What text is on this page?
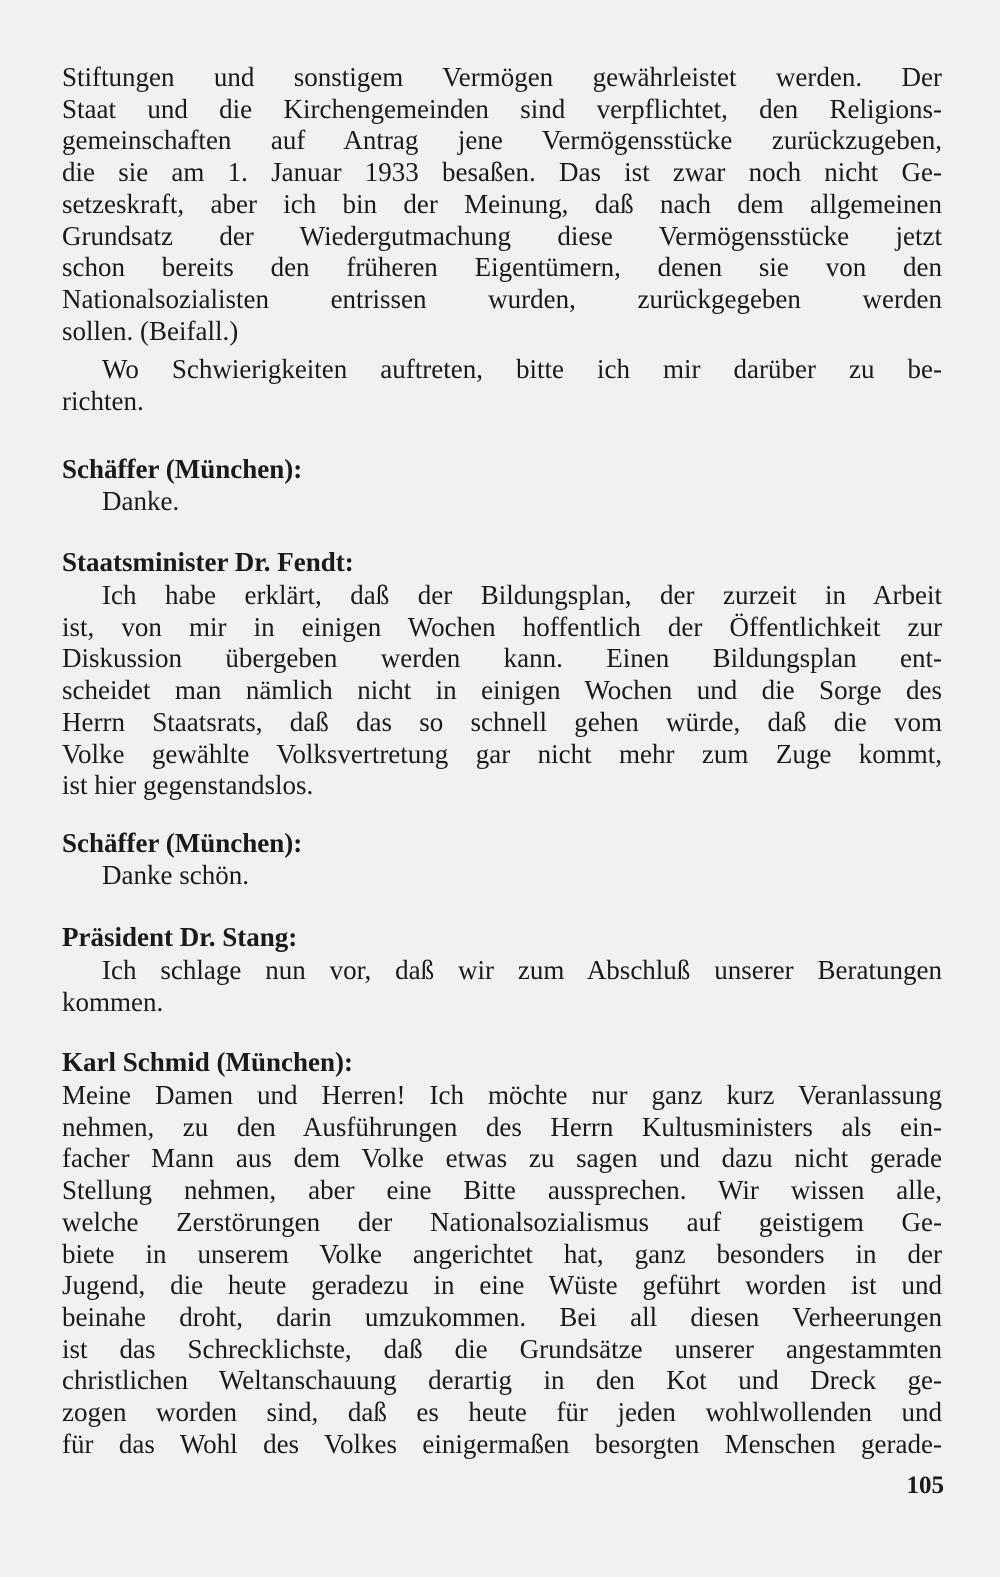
Stiftungen und sonstigem Vermögen gewährleistet werden. Der
Staat und die Kirchengemeinden sind verpflichtet, den Religions-
gemeinschaften auf Antrag jene Vermögensstücke zurückzugeben,
die sie am 1. Januar 1933 besaßen. Das ist zwar noch nicht Ge-
setzeskraft, aber ich bin der Meinung, daß nach dem allgemeinen
Grundsatz der Wiedergutmachung diese Vermögensstücke jetzt
schon bereits den früheren Eigentümern, denen sie von den
Nationalsozialisten entrissen wurden, zurückgegeben werden
sollen. (Beifall.)

Wo Schwierigkeiten auftreten, bitte ich mir darüber zu be-
richten.

Schäffer (München):

Danke.

Staatsminister Dr. Fendt:

Ich habe erklärt, daß der Bildungsplan, der zurzeit in Arbeit
ist, von mir in einigen Wochen hoffentlich der Öffentlichkeit zur
Diskussion übergeben werden kann. Einen Bildungsplan ent-
scheidet man nämlich nicht in einigen Wochen und die Sorge des
Herrn Staatsrats, daß das so schnell gehen würde, daß die vom
Volke gewählte Volksvertretung gar nicht mehr zum Zuge kommt,
ist hier gegenstandslos.

Schäffer (München):

Danke schön.

Präsident Dr. Stang:

Ich schlage nun vor, daß wir zum Abschluß unserer Beratungen
kommen.

Karl Schmid (München):

Meine Damen und Herren! Ich möchte nur ganz kurz Veranlassung
nehmen, zu den Ausführungen des Herrn Kultusministers als ein-
facher Mann aus dem Volke etwas zu sagen und dazu nicht gerade
Stellung nehmen, aber eine Bitte aussprechen. Wir wissen alle,
welche Zerstörungen der Nationalsozialismus auf geistigem Ge-
biete in unserem Volke angerichtet hat, ganz besonders in der
Jugend, die heute geradezu in eine Wüste geführt worden ist und
beinahe droht, darin umzukommen. Bei all diesen Verheerungen
ist das Schrecklichste, daß die Grundsätze unserer angestammten
christlichen Weltanschauung derartig in den Kot und Dreck ge-
zogen worden sind, daß es heute für jeden wohlwollenden und
für das Wohl des Volkes einigermaßen besorgten Menschen gerade-

105
